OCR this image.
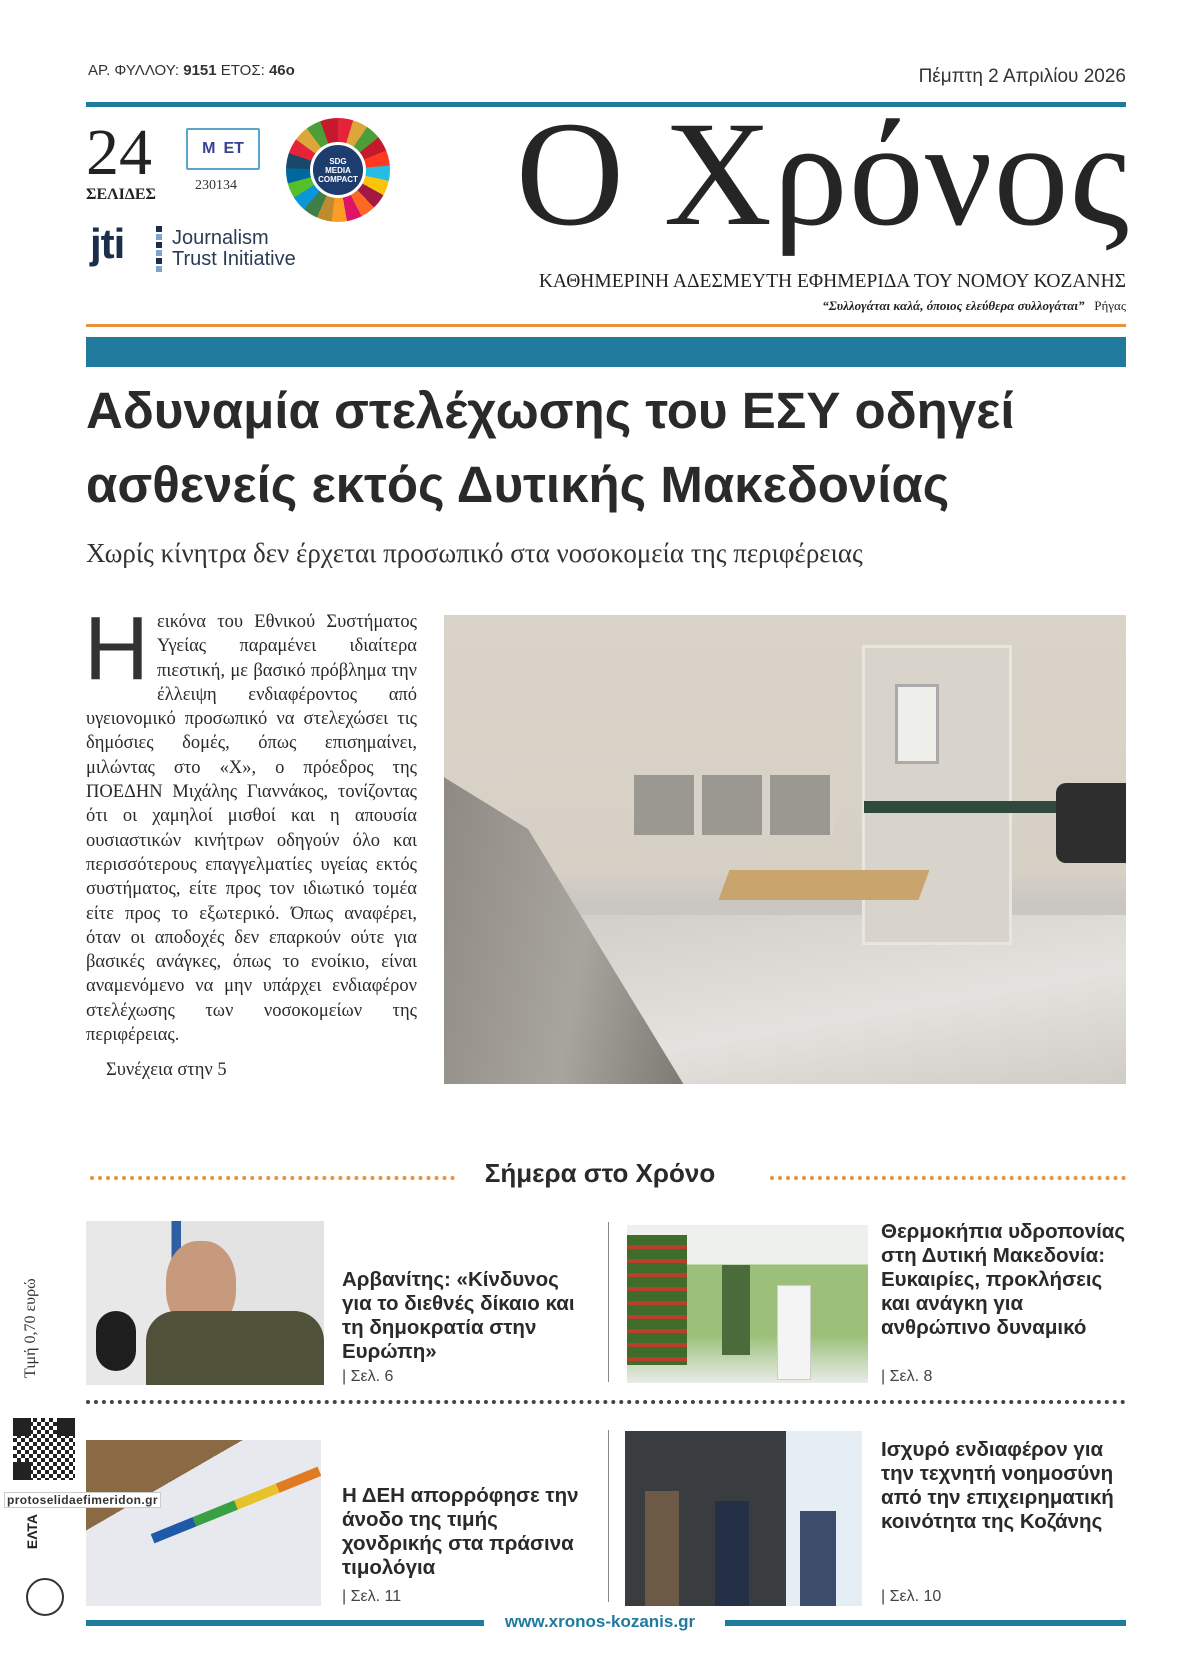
ΑΡ. ΦΥΛΛΟΥ: 9151 ΕΤΟΣ: 46ο	Πέμπτη 2 Απριλίου 2026
24
ΣΕΛΙΔΕΣ
Μ ΕΤ
230134
SDG
MEDIA
COMPACT
jti Journalism
Trust Initiative
Ο Χρόνος
ΚΑΘΗΜΕΡΙΝΗ ΑΔΕΣΜΕΥΤΗ ΕΦΗΜΕΡΙΔΑ ΤΟΥ ΝΟΜΟΥ ΚΟΖΑΝΗΣ
“Συλλογάται καλά, όποιος ελεύθερα συλλογάται” Ρήγας
Αδυναμία στελέχωσης του ΕΣΥ οδηγεί
ασθενείς εκτός Δυτικής Μακεδονίας
Χωρίς κίνητρα δεν έρχεται προσωπικό στα νοσοκομεία της περιφέρειας
Ηεικόνα του Εθνικού Συστήματος Υγείας παραμένει ιδιαίτερα πιεστική, με βασικό πρόβλημα την έλλειψη ενδιαφέροντος από υγειονομικό προσωπικό να στελεχώσει τις δημόσιες δομές, όπως επισημαίνει, μιλώντας στο «Χ», ο πρόεδρος της ΠΟΕΔΗΝ Μιχάλης Γιαννάκος, τονίζοντας ότι οι χαμηλοί μισθοί και η απουσία ουσιαστικών κινήτρων οδηγούν όλο και περισσότερους επαγγελματίες υγείας εκτός συστήματος, είτε προς τον ιδιωτικό τομέα είτε προς το εξωτερικό. Όπως αναφέρει, όταν οι αποδοχές δεν επαρκούν ούτε για βασικές ανάγκες, όπως το ενοίκιο, είναι αναμενόμενο να μην υπάρχει ενδιαφέρον στελέχωσης των νοσοκομείων της περιφέρειας.
Συνέχεια στην 5
Σήμερα στο Χρόνο
Αρβανίτης: «Κίνδυνος για το διεθνές δίκαιο και τη δημοκρατία στην Ευρώπη»
| Σελ. 6
Θερμοκήπια υδροπονίας στη Δυτική Μακεδονία: Ευκαιρίες, προκλήσεις και ανάγκη για ανθρώπινο δυναμικό
| Σελ. 8
Η ΔΕΗ απορρόφησε την άνοδο της τιμής χονδρικής στα πράσινα τιμολόγια
| Σελ. 11
Ισχυρό ενδιαφέρον για την τεχνητή νοημοσύνη από την επιχειρηματική κοινότητα της Κοζάνης
| Σελ. 10
Τιμή 0,70 ευρώ
protoselidaefimeridon.gr
ΕΛΤΑ
www.xronos-kozanis.gr
